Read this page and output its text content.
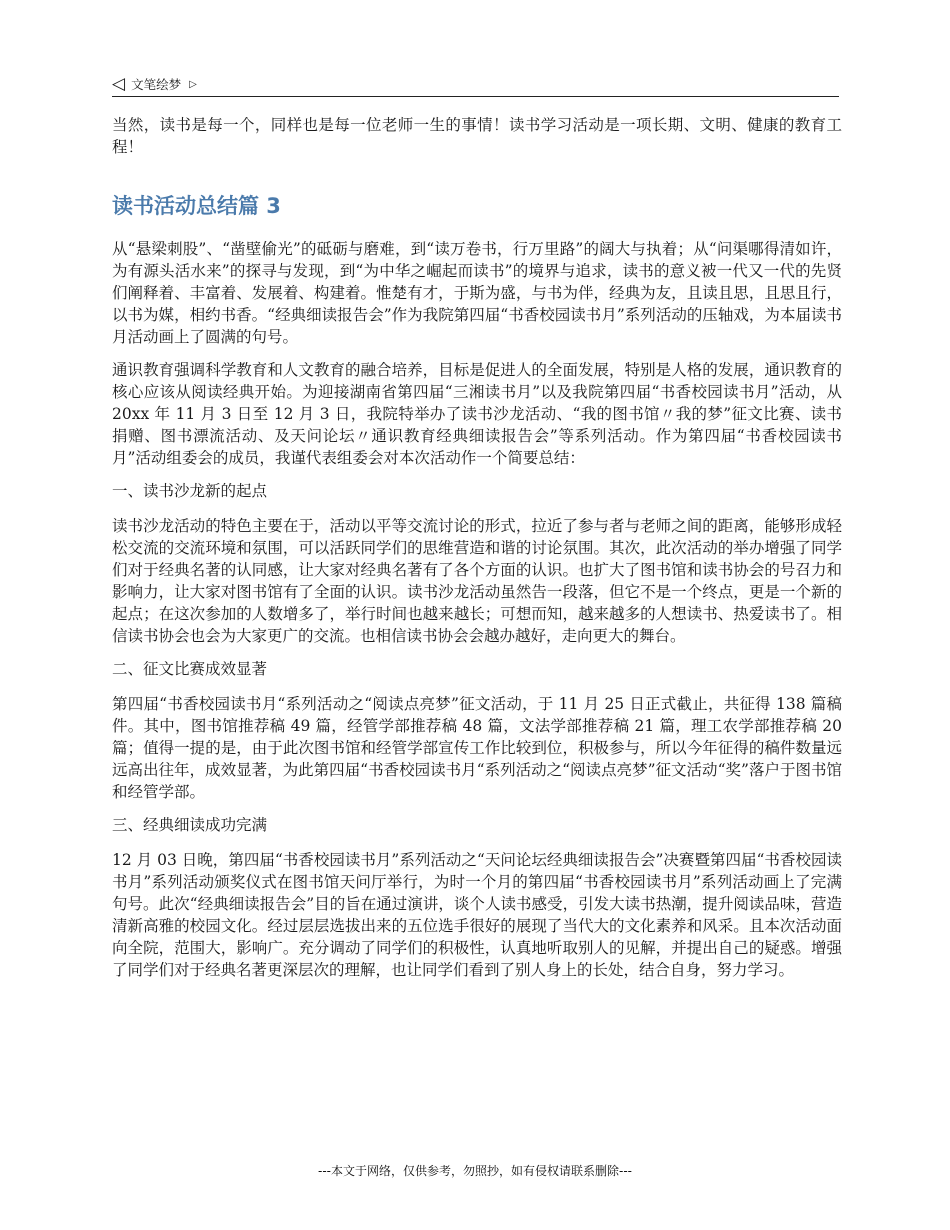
◁ 文笔绘梦 ▷

当然，读书是每一个，同样也是每一位老师一生的事情！读书学习活动是一项长期、文明、健康的教育工程！

读书活动总结篇 3

从“悬梁刺股”、“凿壁偷光”的砥砺与磨难，到“读万卷书，行万里路”的阔大与执着；从“问渠哪得清如许，为有源头活水来”的探寻与发现，到“为中华之崛起而读书”的境界与追求，读书的意义被一代又一代的先贤们阐释着、丰富着、发展着、构建着。惟楚有才，于斯为盛，与书为伴，经典为友，且读且思，且思且行，以书为媒，相约书香。“经典细读报告会”作为我院第四届“书香校园读书月”系列活动的压轴戏，为本届读书月活动画上了圆满的句号。

通识教育强调科学教育和人文教育的融合培养，目标是促进人的全面发展，特别是人格的发展，通识教育的核心应该从阅读经典开始。为迎接湖南省第四届“三湘读书月”以及我院第四届“书香校园读书月”活动，从 20xx 年 11 月 3 日至 12 月 3 日，我院特举办了读书沙龙活动、“我的图书馆〃我的梦”征文比赛、读书捐赠、图书漂流活动、及天问论坛〃通识教育经典细读报告会”等系列活动。作为第四届“书香校园读书月”活动组委会的成员，我谨代表组委会对本次活动作一个简要总结：

一、读书沙龙新的起点

读书沙龙活动的特色主要在于，活动以平等交流讨论的形式，拉近了参与者与老师之间的距离，能够形成轻松交流的交流环境和氛围，可以活跃同学们的思维营造和谐的讨论氛围。其次，此次活动的举办增强了同学们对于经典名著的认同感，让大家对经典名著有了各个方面的认识。也扩大了图书馆和读书协会的号召力和影响力，让大家对图书馆有了全面的认识。读书沙龙活动虽然告一段落，但它不是一个终点，更是一个新的起点；在这次参加的人数增多了，举行时间也越来越长；可想而知，越来越多的人想读书、热爱读书了。相信读书协会也会为大家更广的交流。也相信读书协会会越办越好，走向更大的舞台。

二、征文比赛成效显著

第四届“书香校园读书月“系列活动之“阅读点亮梦”征文活动，于 11 月 25 日正式截止，共征得 138 篇稿件。其中，图书馆推荐稿 49 篇，经管学部推荐稿 48 篇，文法学部推荐稿 21 篇，理工农学部推荐稿 20 篇；值得一提的是，由于此次图书馆和经管学部宣传工作比较到位，积极参与，所以今年征得的稿件数量远远高出往年，成效显著，为此第四届“书香校园读书月“系列活动之“阅读点亮梦”征文活动“奖”落户于图书馆和经管学部。

三、经典细读成功完满

12 月 03 日晚，第四届“书香校园读书月”系列活动之“天问论坛经典细读报告会”决赛暨第四届“书香校园读书月”系列活动颁奖仪式在图书馆天问厅举行，为时一个月的第四届“书香校园读书月”系列活动画上了完满句号。此次“经典细读报告会”目的旨在通过演讲，谈个人读书感受，引发大读书热潮，提升阅读品味，营造清新高雅的校园文化。经过层层选拔出来的五位选手很好的展现了当代大的文化素养和风采。且本次活动面向全院，范围大，影响广。充分调动了同学们的积极性，认真地听取别人的见解，并提出自己的疑惑。增强了同学们对于经典名著更深层次的理解，也让同学们看到了别人身上的长处，结合自身，努力学习。

---本文于网络，仅供参考，勿照抄，如有侵权请联系删除---
